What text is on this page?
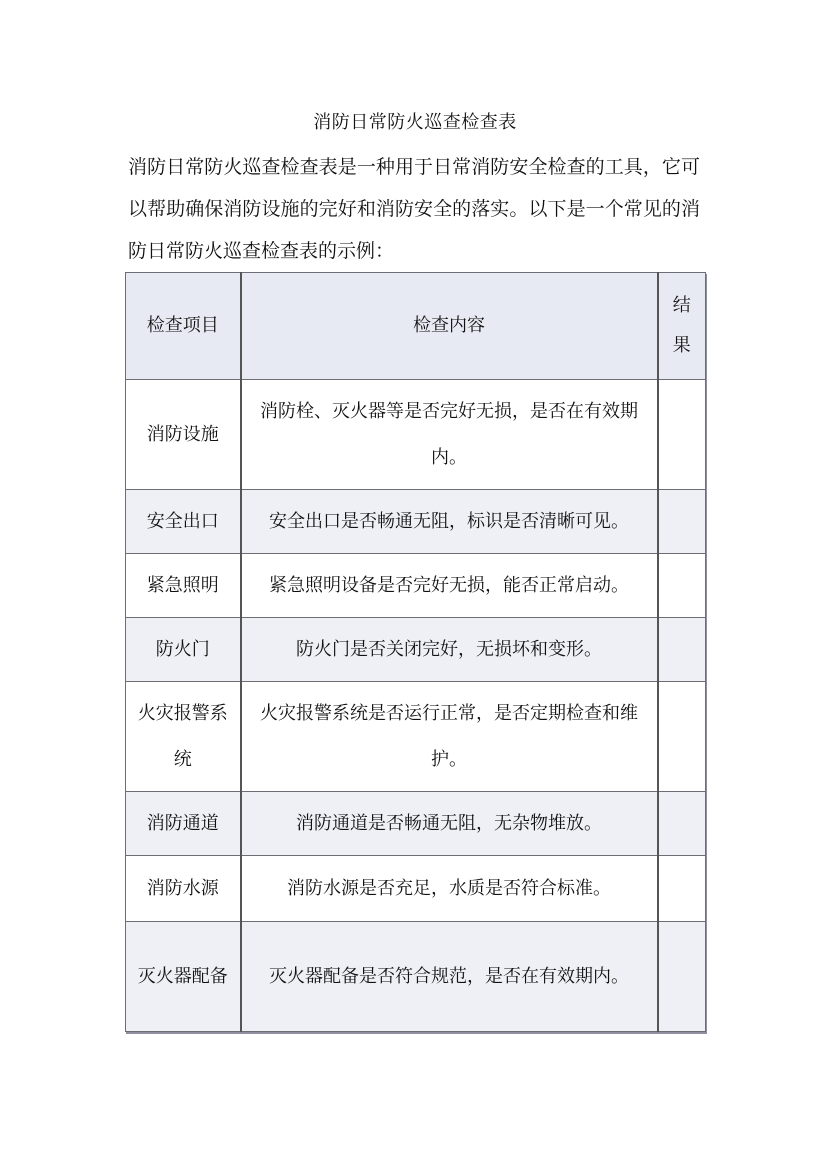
消防日常防火巡查检查表

消防日常防火巡查检查表是一种用于日常消防安全检查的工具，它可以帮助确保消防设施的完好和消防安全的落实。以下是一个常见的消防日常防火巡查检查表的示例：

检查项目	检查内容	结果
消防设施	消防栓、灭火器等是否完好无损，是否在有效期内。	
安全出口	安全出口是否畅通无阻，标识是否清晰可见。	
紧急照明	紧急照明设备是否完好无损，能否正常启动。	
防火门	防火门是否关闭完好，无损坏和变形。	
火灾报警系统	火灾报警系统是否运行正常，是否定期检查和维护。	
消防通道	消防通道是否畅通无阻，无杂物堆放。	
消防水源	消防水源是否充足，水质是否符合标准。	
灭火器配备	灭火器配备是否符合规范，是否在有效期内。	
